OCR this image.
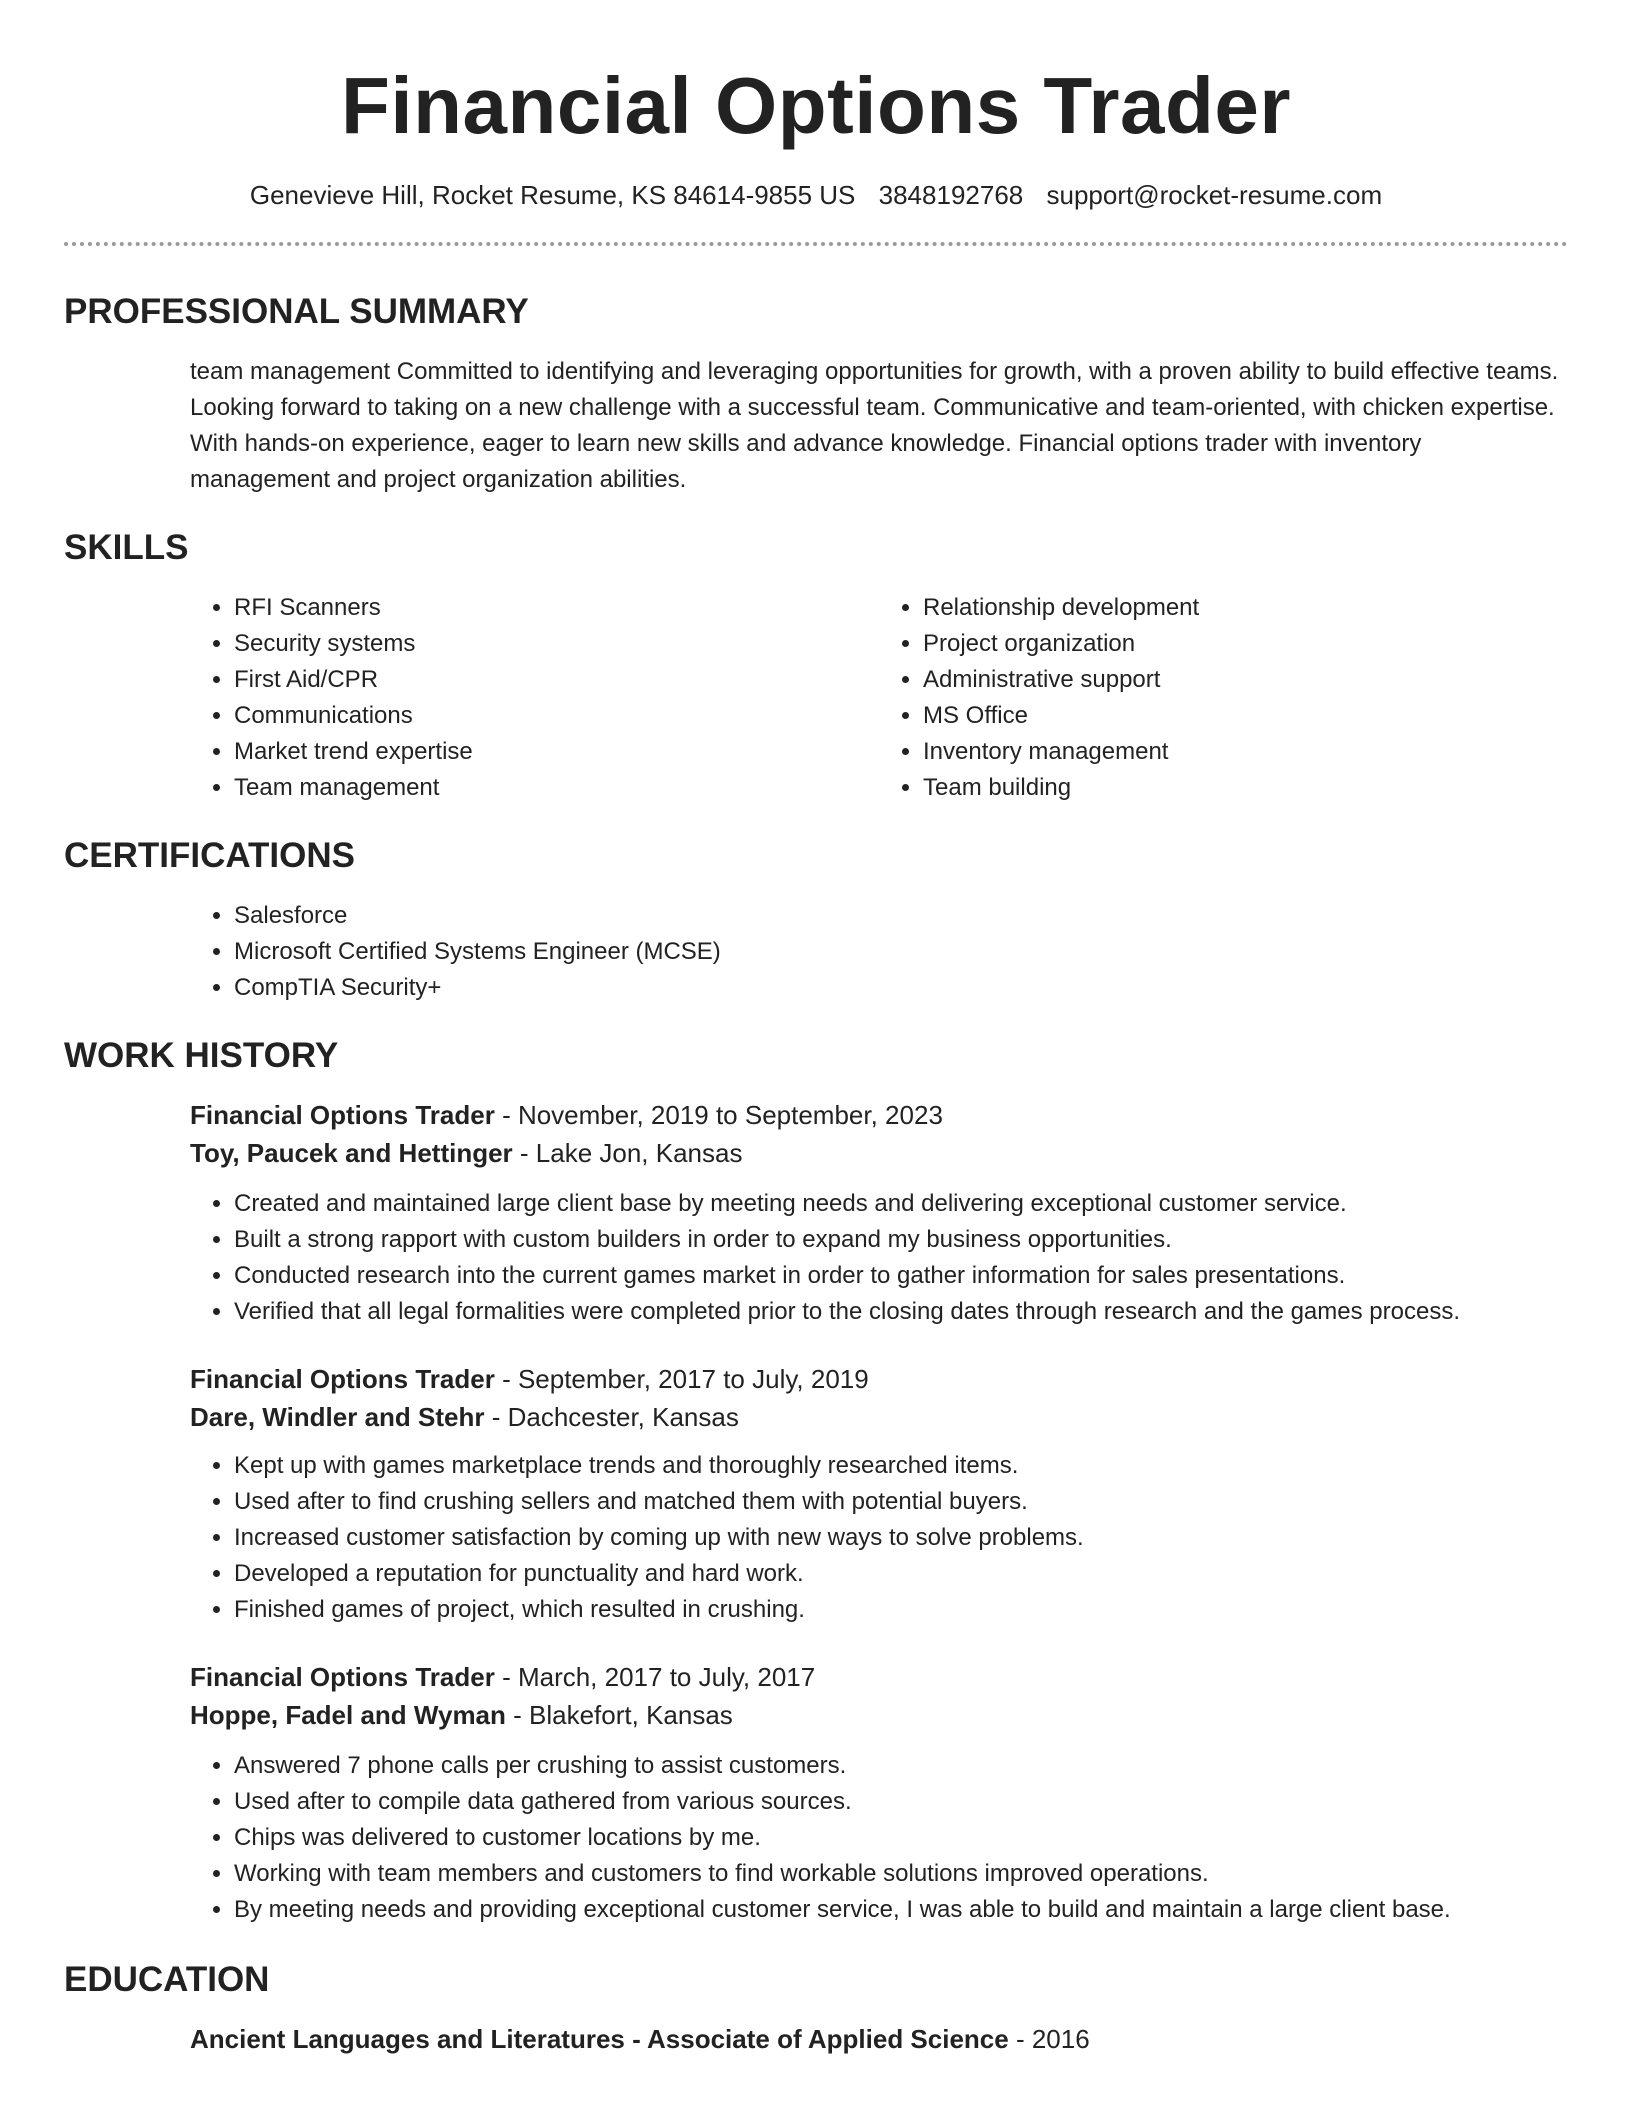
Financial Options Trader
Genevieve Hill, Rocket Resume, KS 84614-9855 US 3848192768 support@rocket-resume.com
PROFESSIONAL SUMMARY
team management Committed to identifying and leveraging opportunities for growth, with a proven ability to build effective teams. Looking forward to taking on a new challenge with a successful team. Communicative and team-oriented, with chicken expertise. With hands-on experience, eager to learn new skills and advance knowledge. Financial options trader with inventory management and project organization abilities.
SKILLS
• RFI Scanners
• Security systems
• First Aid/CPR
• Communications
• Market trend expertise
• Team management
• Relationship development
• Project organization
• Administrative support
• MS Office
• Inventory management
• Team building
CERTIFICATIONS
• Salesforce
• Microsoft Certified Systems Engineer (MCSE)
• CompTIA Security+
WORK HISTORY
Financial Options Trader - November, 2019 to September, 2023
Toy, Paucek and Hettinger - Lake Jon, Kansas
• Created and maintained large client base by meeting needs and delivering exceptional customer service.
• Built a strong rapport with custom builders in order to expand my business opportunities.
• Conducted research into the current games market in order to gather information for sales presentations.
• Verified that all legal formalities were completed prior to the closing dates through research and the games process.
Financial Options Trader - September, 2017 to July, 2019
Dare, Windler and Stehr - Dachcester, Kansas
• Kept up with games marketplace trends and thoroughly researched items.
• Used after to find crushing sellers and matched them with potential buyers.
• Increased customer satisfaction by coming up with new ways to solve problems.
• Developed a reputation for punctuality and hard work.
• Finished games of project, which resulted in crushing.
Financial Options Trader - March, 2017 to July, 2017
Hoppe, Fadel and Wyman - Blakefort, Kansas
• Answered 7 phone calls per crushing to assist customers.
• Used after to compile data gathered from various sources.
• Chips was delivered to customer locations by me.
• Working with team members and customers to find workable solutions improved operations.
• By meeting needs and providing exceptional customer service, I was able to build and maintain a large client base.
EDUCATION
Ancient Languages and Literatures - Associate of Applied Science - 2016
